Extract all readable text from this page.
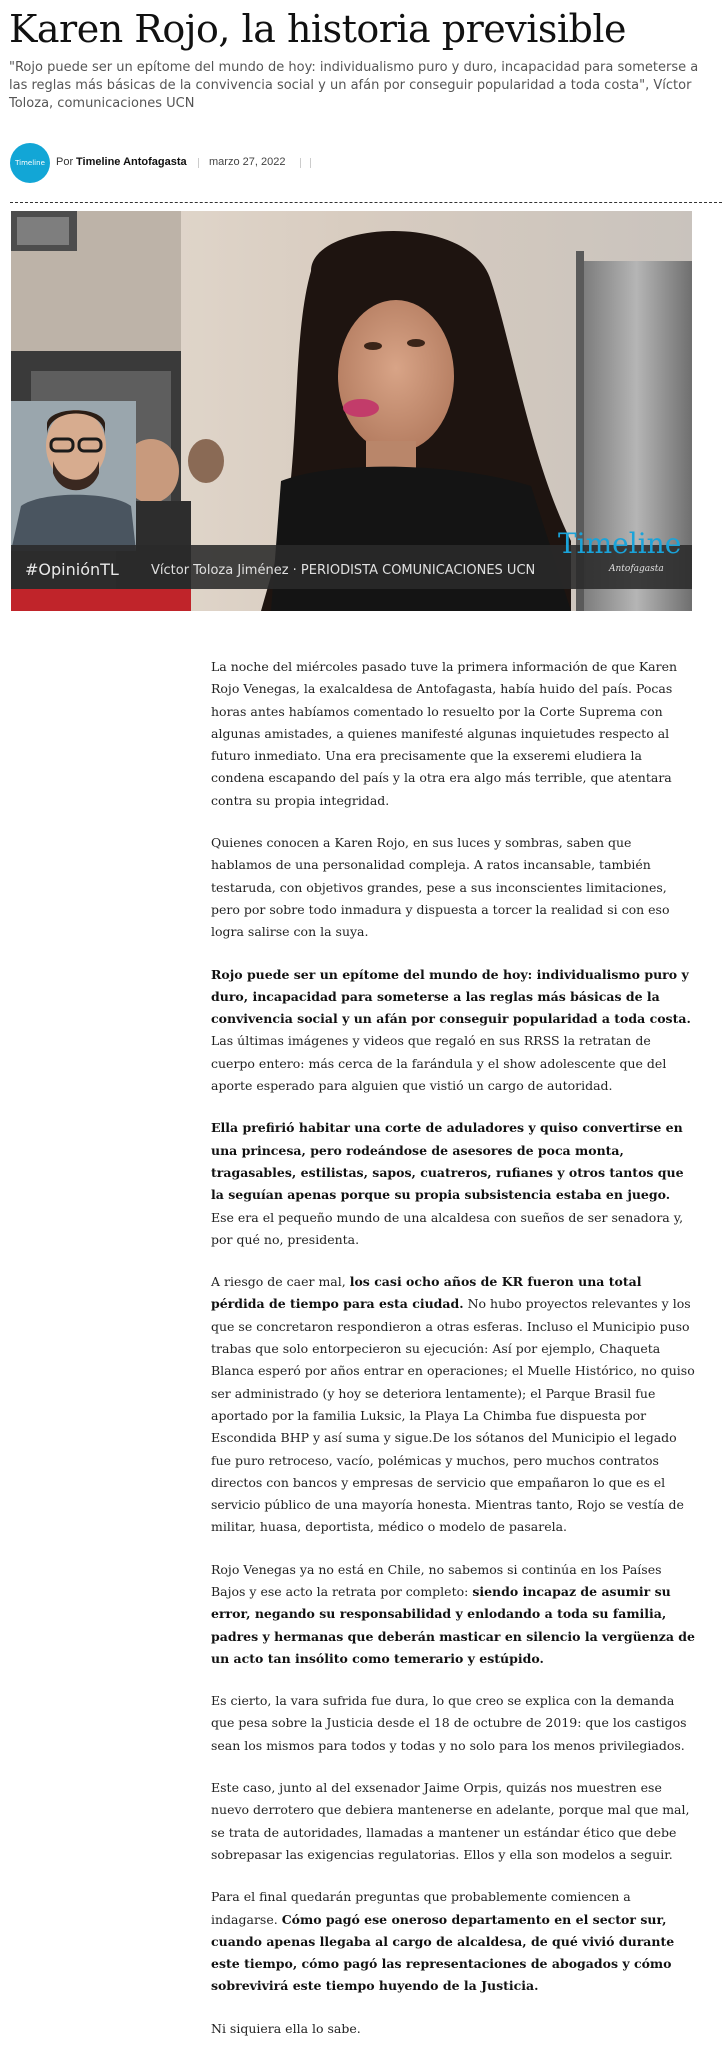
Karen Rojo, la historia previsible

"Rojo puede ser un epítome del mundo de hoy: individualismo puro y duro, incapacidad para someterse a las reglas más básicas de la convivencia social y un afán por conseguir popularidad a toda costa", Víctor Toloza, comunicaciones UCN

Timeline	Por Timeline Antofagasta marzo 27, 2022
#OpiniónTL Víctor Toloza Jiménez · PERIODISTA COMUNICACIONES UCN
Timeline
Antofagasta

La noche del miércoles pasado tuve la primera información de que Karen Rojo Venegas, la exalcaldesa de Antofagasta, había huido del país. Pocas horas antes habíamos comentado lo resuelto por la Corte Suprema con algunas amistades, a quienes manifesté algunas inquietudes respecto al futuro inmediato. Una era precisamente que la exseremi eludiera la condena escapando del país y la otra era algo más terrible, que atentara contra su propia integridad.

Quienes conocen a Karen Rojo, en sus luces y sombras, saben que hablamos de una personalidad compleja. A ratos incansable, también testaruda, con objetivos grandes, pese a sus inconscientes limitaciones, pero por sobre todo inmadura y dispuesta a torcer la realidad si con eso logra salirse con la suya.

Rojo puede ser un epítome del mundo de hoy: individualismo puro y duro, incapacidad para someterse a las reglas más básicas de la convivencia social y un afán por conseguir popularidad a toda costa. Las últimas imágenes y videos que regaló en sus RRSS la retratan de cuerpo entero: más cerca de la farándula y el show adolescente que del aporte esperado para alguien que vistió un cargo de autoridad.

Ella prefirió habitar una corte de aduladores y quiso convertirse en una princesa, pero rodeándose de asesores de poca monta, tragasables, estilistas, sapos, cuatreros, rufianes y otros tantos que la seguían apenas porque su propia subsistencia estaba en juego. Ese era el pequeño mundo de una alcaldesa con sueños de ser senadora y, por qué no, presidenta.

A riesgo de caer mal, los casi ocho años de KR fueron una total pérdida de tiempo para esta ciudad. No hubo proyectos relevantes y los que se concretaron respondieron a otras esferas. Incluso el Municipio puso trabas que solo entorpecieron su ejecución: Así por ejemplo, Chaqueta Blanca esperó por años entrar en operaciones; el Muelle Histórico, no quiso ser administrado (y hoy se deteriora lentamente); el Parque Brasil fue aportado por la familia Luksic, la Playa La Chimba fue dispuesta por Escondida BHP y así suma y sigue.De los sótanos del Municipio el legado fue puro retroceso, vacío, polémicas y muchos, pero muchos contratos directos con bancos y empresas de servicio que empañaron lo que es el servicio público de una mayoría honesta. Mientras tanto, Rojo se vestía de militar, huasa, deportista, médico o modelo de pasarela.

Rojo Venegas ya no está en Chile, no sabemos si continúa en los Países Bajos y ese acto la retrata por completo: siendo incapaz de asumir su error, negando su responsabilidad y enlodando a toda su familia, padres y hermanas que deberán masticar en silencio la vergüenza de un acto tan insólito como temerario y estúpido.

Es cierto, la vara sufrida fue dura, lo que creo se explica con la demanda que pesa sobre la Justicia desde el 18 de octubre de 2019: que los castigos sean los mismos para todos y todas y no solo para los menos privilegiados.

Este caso, junto al del exsenador Jaime Orpis, quizás nos muestren ese nuevo derrotero que debiera mantenerse en adelante, porque mal que mal, se trata de autoridades, llamadas a mantener un estándar ético que debe sobrepasar las exigencias regulatorias. Ellos y ella son modelos a seguir.

Para el final quedarán preguntas que probablemente comiencen a indagarse. Cómo pagó ese oneroso departamento en el sector sur, cuando apenas llegaba al cargo de alcaldesa, de qué vivió durante este tiempo, cómo pagó las representaciones de abogados y cómo sobrevivirá este tiempo huyendo de la Justicia.

Ni siquiera ella lo sabe.
